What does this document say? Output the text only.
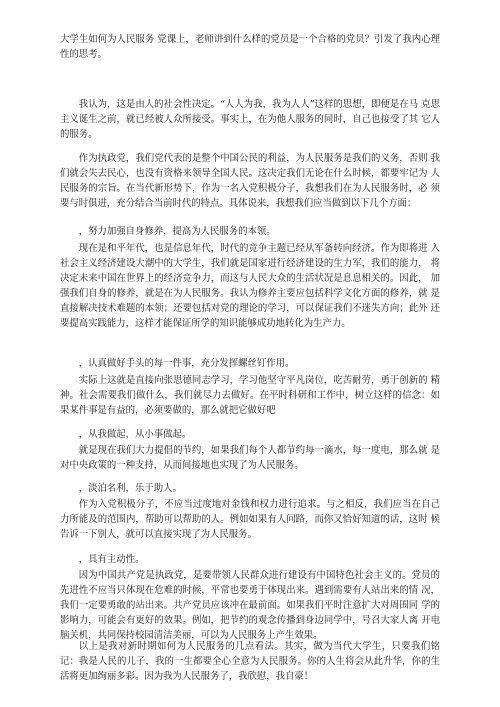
大学生如何为人民服务 党课上，老师讲到什么样的党员是一个合格的党员？引发了我内心理性的思考。

我认为，这是由人的社会性决定。“人人为我，我为人人”这样的思想，即便是在马 克思主义诞生之前，就已经被人众所接受。事实上，在为他人服务的同时，自己也接受了其 它人的服务。

作为执政党，我们党代表的是整个中国公民的利益，为人民服务是我们的义务，否则 我们就会失去民心，也没有资格来领导全国人民。这决定我们无论在什么时候，都要牢记为 人民服务的宗旨。在当代新形势下，作为一名入党积极分子，我想我们在为人民服务时，必 须要与时俱进，充分结合当前时代的特点。具体说来，我想我们应当做到以下几个方面：

，努力加强自身修养，提高为人民服务的本领。

现在是和平年代，也是信息年代，时代的竞争主题已经从军备转向经济。作为即将进 入社会主义经济建设大潮中的大学生，我们就是国家进行经济建设的生力军，我们的能力， 将决定未来中国在世界上的经济竞争力，而这与人民大众的生活状况是息息相关的。因此， 加强我们自身的修养，就是在为人民服务。我认为修养主要应包括科学文化方面的修养，就 是直接解决技术难题的本领；还要包括对党的理论的学习，可以保证我们不迷失方向；此外 还要提高实践能力，这样才能保证所学的知识能够成功地转化为生产力。

，认真做好手头的每一件事，充分发挥螺丝钉作用。

实际上这就是直接向张思德同志学习，学习他坚守平凡岗位，吃苦耐劳，勇于创新的 精神。社会需要我们做什么，我们就尽力去做好。在平时科研和工作中，树立这样的信念：如果某件事是有益的，必须要做的，那么就把它做好吧

，从我做起，从小事做起。

就是现在我们大力提倡的节约，如果我们每个人都节约每一滴水，每一度电，那么就 是对中央政策的一种支持，从而间接地也实现了为人民服务。

，淡泊名利，乐于助人。

作为入党积极分子，不应当过度地对金钱和权力进行追求。与之相反，我们应当在自己力所能及的范围内，帮助可以帮助的人。例如如果有人问路，而你又恰好知道的话，这时 候告诉一下别人，就可以直接实现了为人民服务。

，具有主动性。

因为中国共产党是执政党，是要带领人民群众进行建设有中国特色社会主义的。党员的先进性不应当只体现在危难的时候，平常也要勇于体现出来。遇到需要有人站出来的情 况，我们一定要勇敢的站出来。共产党员应该冲在最前面。如果我们平时注意扩大对周围同 学的影响力，可能会有更好的效果。例如，把节约的观念传播到身边同学中，号召大家人离 开电脑关机，共同保持校园清洁美丽，可以为人民服务上产生效果。

以上是我对新时期如何为人民服务的几点看法。其实，做为当代大学生，只要我们铭 记：我是人民的儿子，我的一生都要全心全意为人民服务。你的人生将会从此升华，你的生 活将更加绚丽多彩。因为我为人民服务了，我欣慰，我自豪！
